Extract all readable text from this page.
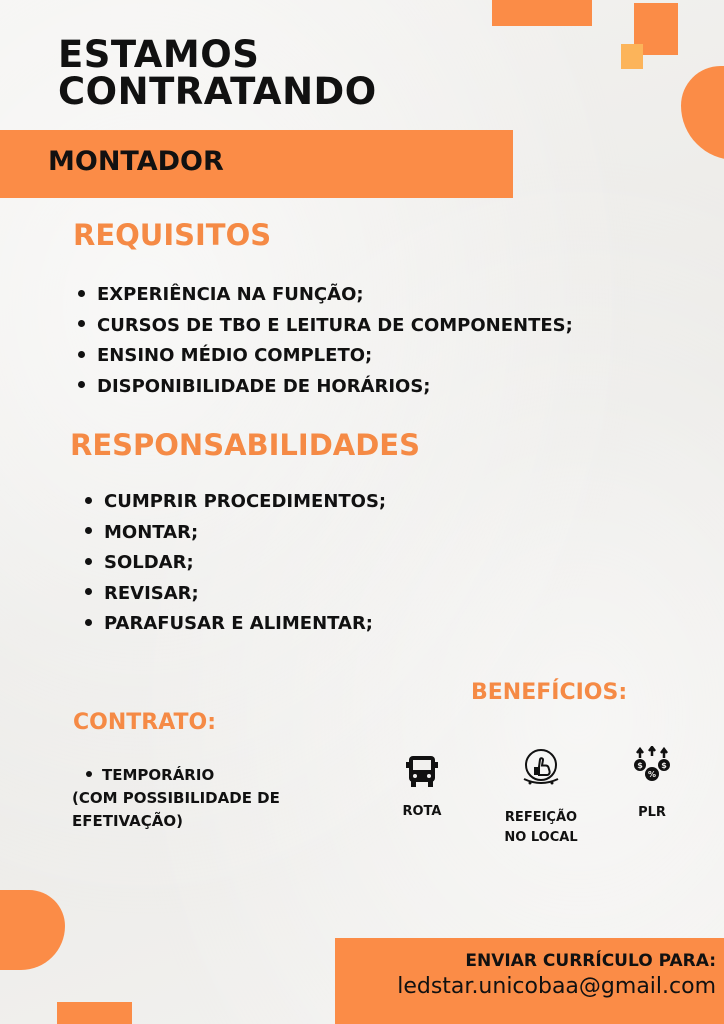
ESTAMOS
CONTRATANDO
MONTADOR
REQUISITOS
EXPERIÊNCIA NA FUNÇÃO;
CURSOS DE TBO E LEITURA DE COMPONENTES;
ENSINO MÉDIO COMPLETO;
DISPONIBILIDADE DE HORÁRIOS;
RESPONSABILIDADES
CUMPRIR PROCEDIMENTOS;
MONTAR;
SOLDAR;
REVISAR;
PARAFUSAR E ALIMENTAR;
CONTRATO:
TEMPORÁRIO
(COM POSSIBILIDADE DE
EFETIVAÇÃO)
BENEFÍCIOS:
ROTA	REFEIÇÃO
NO LOCAL
$ $
%
PLR
ENVIAR CURRÍCULO PARA:
ledstar.unicobaa@gmail.com
